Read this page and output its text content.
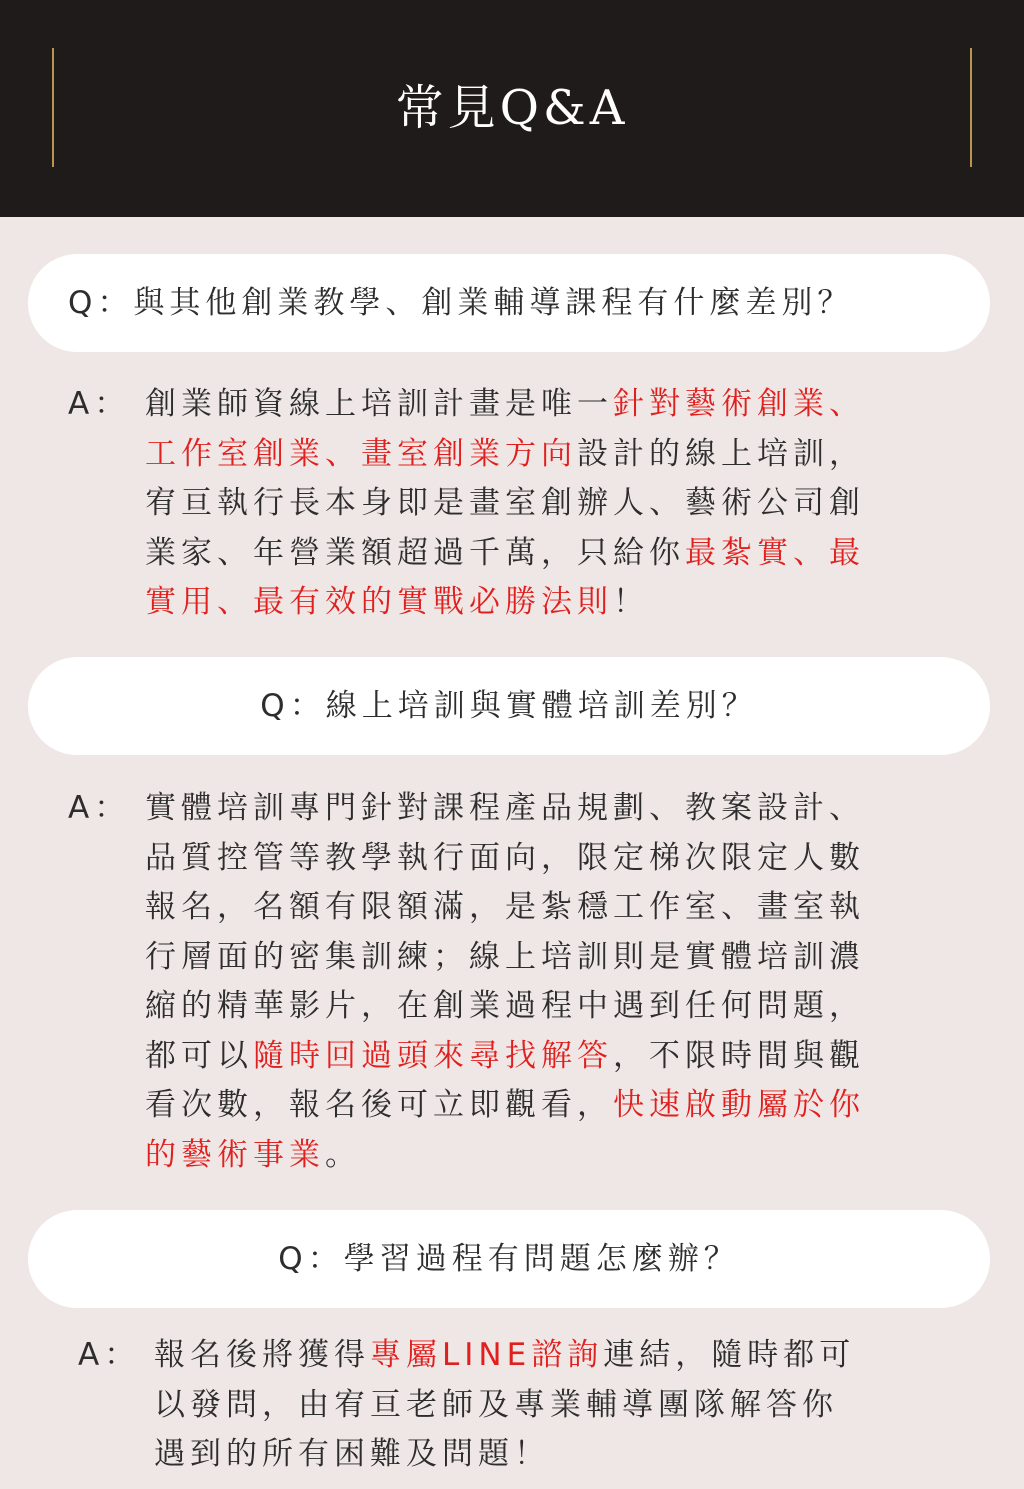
常見Q&A
Q：與其他創業教學、創業輔導課程有什麼差別？
A： 創業師資線上培訓計畫是唯一針對藝術創業、
工作室創業、畫室創業方向設計的線上培訓，
宥亘執行長本身即是畫室創辦人、藝術公司創
業家、年營業額超過千萬，只給你最紮實、最
實用、最有效的實戰必勝法則！
Q：線上培訓與實體培訓差別？
A： 實體培訓專門針對課程產品規劃、教案設計、
品質控管等教學執行面向，限定梯次限定人數
報名，名額有限額滿，是紮穩工作室、畫室執
行層面的密集訓練；線上培訓則是實體培訓濃
縮的精華影片，在創業過程中遇到任何問題，
都可以隨時回過頭來尋找解答，不限時間與觀
看次數，報名後可立即觀看，快速啟動屬於你
的藝術事業。
Q：學習過程有問題怎麼辦？
A： 報名後將獲得專屬LINE諮詢連結，隨時都可
以發問，由宥亘老師及專業輔導團隊解答你
遇到的所有困難及問題！
